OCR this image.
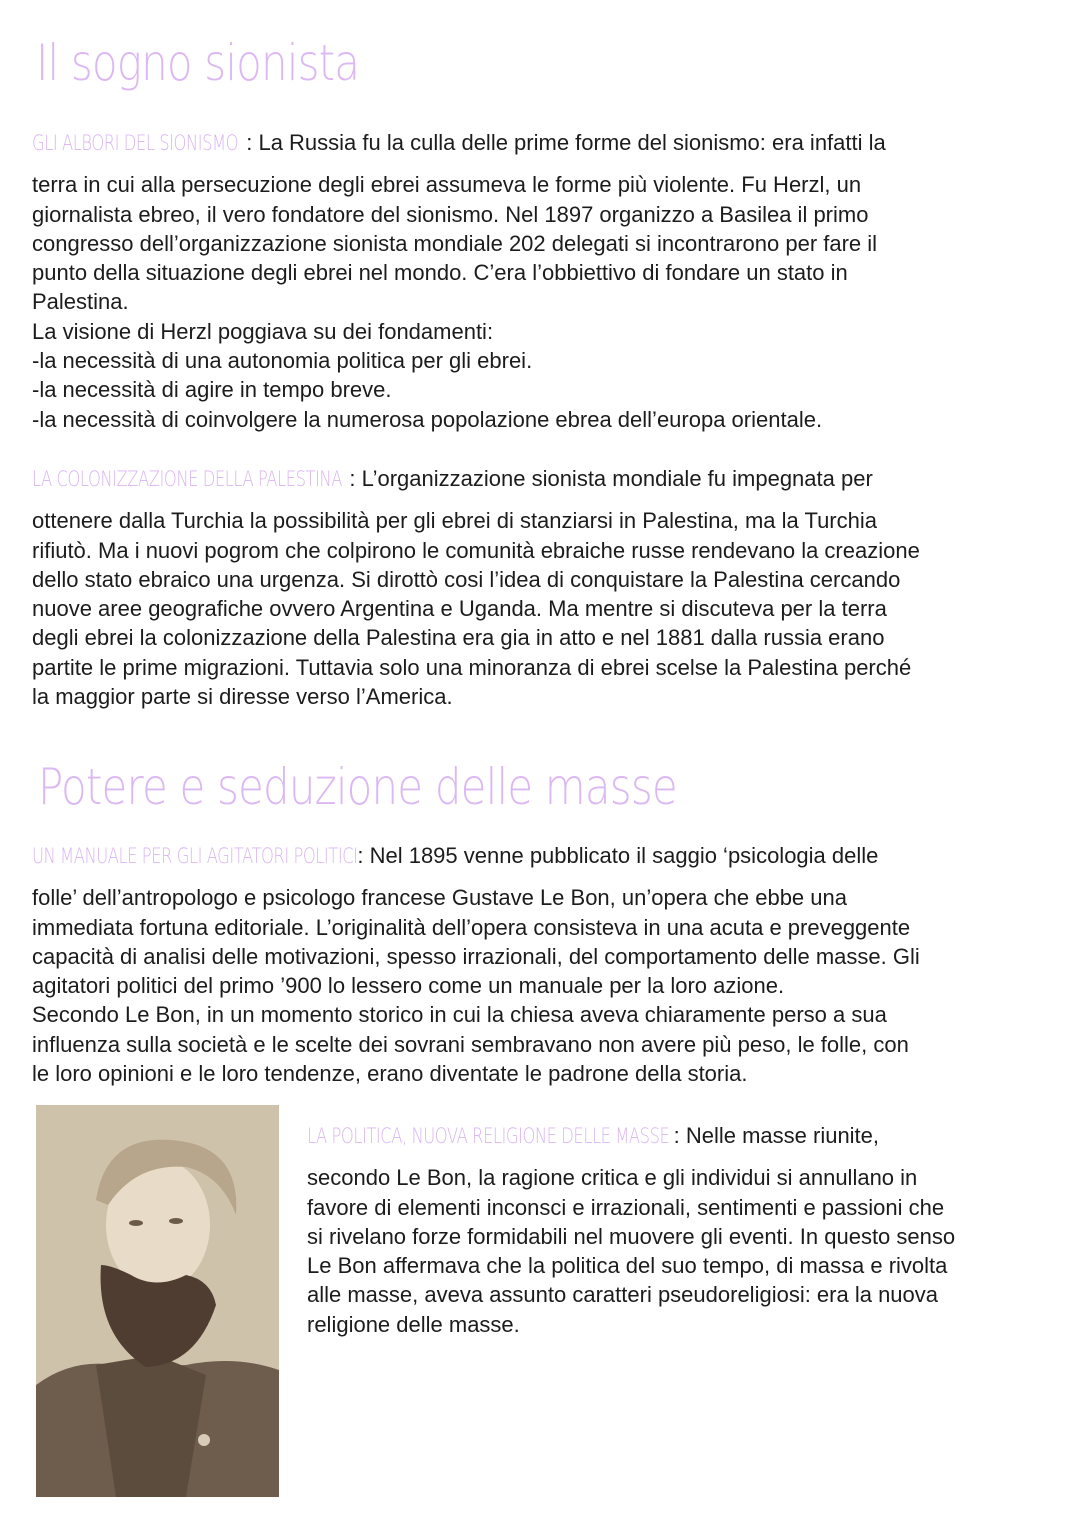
Il sogno sionista
GLI ALBORI DEL SIONISMO : La Russia fu la culla delle prime forme del sionismo: era infatti la
terra in cui alla persecuzione degli ebrei assumeva le forme più violente. Fu Herzl, un
giornalista ebreo, il vero fondatore del sionismo. Nel 1897 organizzo a Basilea il primo
congresso dell’organizzazione sionista mondiale 202 delegati si incontrarono per fare il
punto della situazione degli ebrei nel mondo. C’era l’obbiettivo di fondare un stato in
Palestina.
La visione di Herzl poggiava su dei fondamenti:
-la necessità di una autonomia politica per gli ebrei.
-la necessità di agire in tempo breve.
-la necessità di coinvolgere la numerosa popolazione ebrea dell’europa orientale.
LA COLONIZZAZIONE DELLA PALESTINA : L’organizzazione sionista mondiale fu impegnata per
ottenere dalla Turchia la possibilità per gli ebrei di stanziarsi in Palestina, ma la Turchia
rifiutò. Ma i nuovi pogrom che colpirono le comunità ebraiche russe rendevano la creazione
dello stato ebraico una urgenza. Si dirottò cosi l’idea di conquistare la Palestina cercando
nuove aree geografiche ovvero Argentina e Uganda. Ma mentre si discuteva per la terra
degli ebrei la colonizzazione della Palestina era gia in atto e nel 1881 dalla russia erano
partite le prime migrazioni. Tuttavia solo una minoranza di ebrei scelse la Palestina perché
la maggior parte si diresse verso l’America.
Potere e seduzione delle masse
UN MANUALE PER GLI AGITATORI POLITICI: Nel 1895 venne pubblicato il saggio ‘psicologia delle
folle’ dell’antropologo e psicologo francese Gustave Le Bon, un’opera che ebbe una
immediata fortuna editoriale. L’originalità dell’opera consisteva in una acuta e preveggente
capacità di analisi delle motivazioni, spesso irrazionali, del comportamento delle masse. Gli
agitatori politici del primo ’900 lo lessero come un manuale per la loro azione.
Secondo Le Bon, in un momento storico in cui la chiesa aveva chiaramente perso a sua
influenza sulla società e le scelte dei sovrani sembravano non avere più peso, le folle, con
le loro opinioni e le loro tendenze, erano diventate le padrone della storia.
LA POLITICA, NUOVA RELIGIONE DELLE MASSE : Nelle masse riunite,
secondo Le Bon, la ragione critica e gli individui si annullano in
favore di elementi inconsci e irrazionali, sentimenti e passioni che
si rivelano forze formidabili nel muovere gli eventi. In questo senso
Le Bon affermava che la politica del suo tempo, di massa e rivolta
alle masse, aveva assunto caratteri pseudoreligiosi: era la nuova
religione delle masse.
